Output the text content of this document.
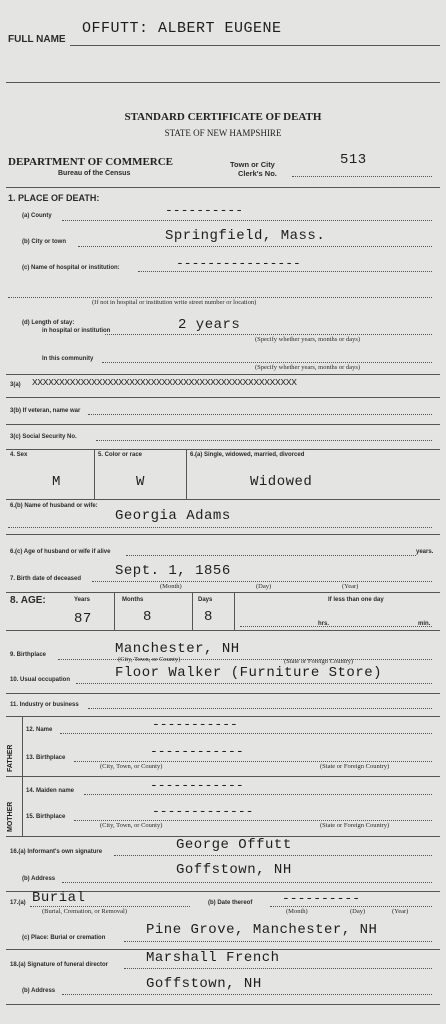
FULL NAME
OFFUTT: ALBERT EUGENE
STANDARD CERTIFICATE OF DEATH
STATE OF NEW HAMPSHIRE
DEPARTMENT OF COMMERCE
Bureau of the Census
Town or City
Clerk's No.
513
1. PLACE OF DEATH:
(a) County	----------
(b) City or town	Springfield, Mass.
(c) Name of hospital or institution:	----------------
(If not in hospital or institution write street number or location)
(d) Length of stay:
in hospital or institution	2 years
(Specify whether years, months or days)
In this community
(Specify whether years, months or days)
3(a) XXXXXXXXXXXXXXXXXXXXXXXXXXXXXXXXXXXXXXXXXXXXXXXXX
3(b) If veteran, name war
3(c) Social Security No.
4. Sex
M
5. Color or race
W
6.(a) Single, widowed, married, divorced
Widowed
6.(b) Name of husband or wife:
Georgia Adams
6.(c) Age of husband or wife if alive	years.
7. Birth date of deceased Sept. 1, 1856
(Month)	(Day)	(Year)
8. AGE:	Years
87
Months
8
Days
8
If less than one day
hrs.	min.
9. Birthplace	Manchester, NH
(City, Town, or County)	(State or Foreign Country)
10. Usual occupation	Floor Walker (Furniture Store)
11. Industry or business
FATHER
12. Name	-----------
13. Birthplace	------------
(City, Town, or County)	(State or Foreign Country)
MOTHER
14. Maiden name	------------
15. Birthplace	-------------
(City, Town, or County)	(State or Foreign Country)
16.(a) Informant's own signature	George Offutt
(b) Address
Goffstown, NH
17.(a) Burial
(Burial, Cremation, or Removal)
(b) Date thereof ----------
(Month)	(Day)	(Year)
(c) Place: Burial or cremation	Pine Grove, Manchester, NH
18.(a) Signature of funeral director	Marshall French
(b) Address	Goffstown, NH
